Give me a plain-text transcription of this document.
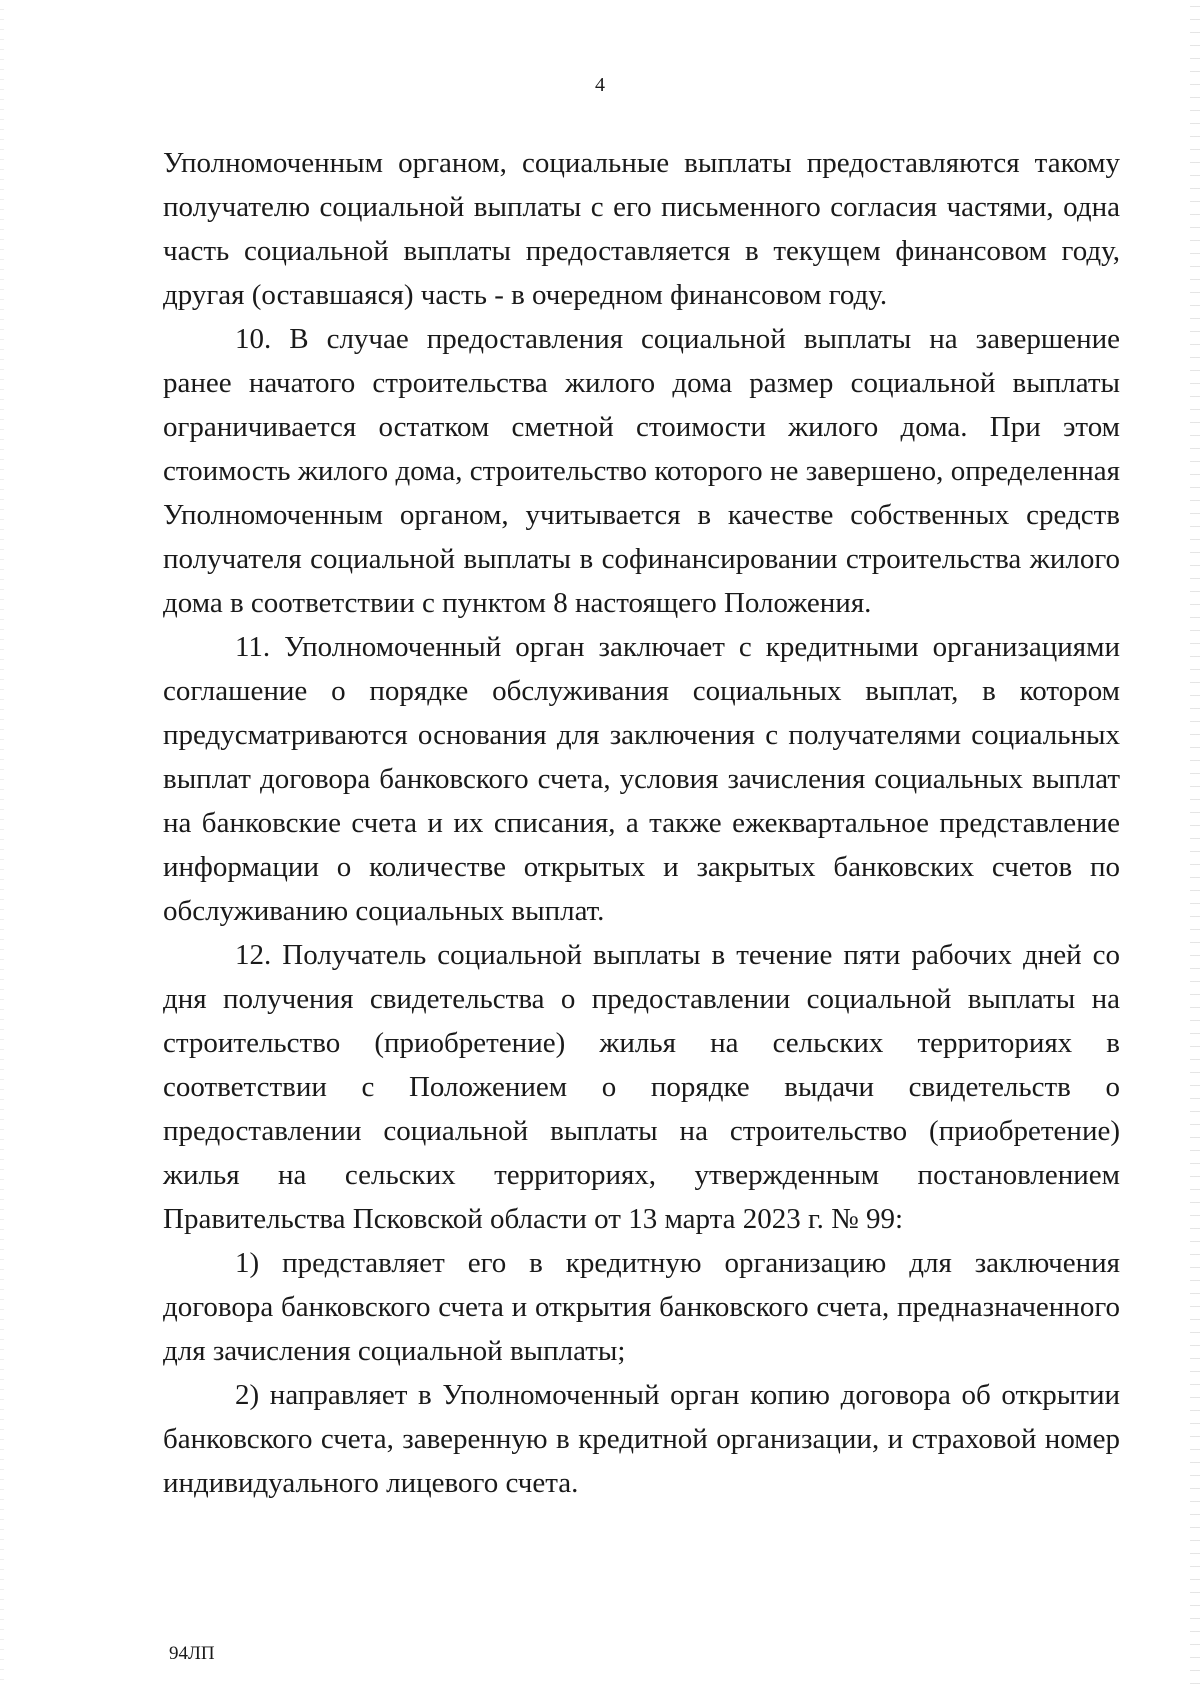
4

Уполномоченным органом, социальные выплаты предоставляются такому получателю социальной выплаты с его письменного согласия частями, одна часть социальной выплаты предоставляется в текущем финансовом году, другая (оставшаяся) часть - в очередном финансовом году.

10. В случае предоставления социальной выплаты на завершение ранее начатого строительства жилого дома размер социальной выплаты ограничивается остатком сметной стоимости жилого дома. При этом стоимость жилого дома, строительство которого не завершено, определенная Уполномоченным органом, учитывается в качестве собственных средств получателя социальной выплаты в софинансировании строительства жилого дома в соответствии с пунктом 8 настоящего Положения.

11. Уполномоченный орган заключает с кредитными организациями соглашение о порядке обслуживания социальных выплат, в котором предусматриваются основания для заключения с получателями социальных выплат договора банковского счета, условия зачисления социальных выплат на банковские счета и их списания, а также ежеквартальное представление информации о количестве открытых и закрытых банковских счетов по обслуживанию социальных выплат.

12. Получатель социальной выплаты в течение пяти рабочих дней со дня получения свидетельства о предоставлении социальной выплаты на строительство (приобретение) жилья на сельских территориях в соответствии с Положением о порядке выдачи свидетельств о предоставлении социальной выплаты на строительство (приобретение) жилья на сельских территориях, утвержденным постановлением Правительства Псковской области от 13 марта 2023 г. № 99:

1) представляет его в кредитную организацию для заключения договора банковского счета и открытия банковского счета, предназначенного для зачисления социальной выплаты;

2) направляет в Уполномоченный орган копию договора об открытии банковского счета, заверенную в кредитной организации, и страховой номер индивидуального лицевого счета.

94ЛП
